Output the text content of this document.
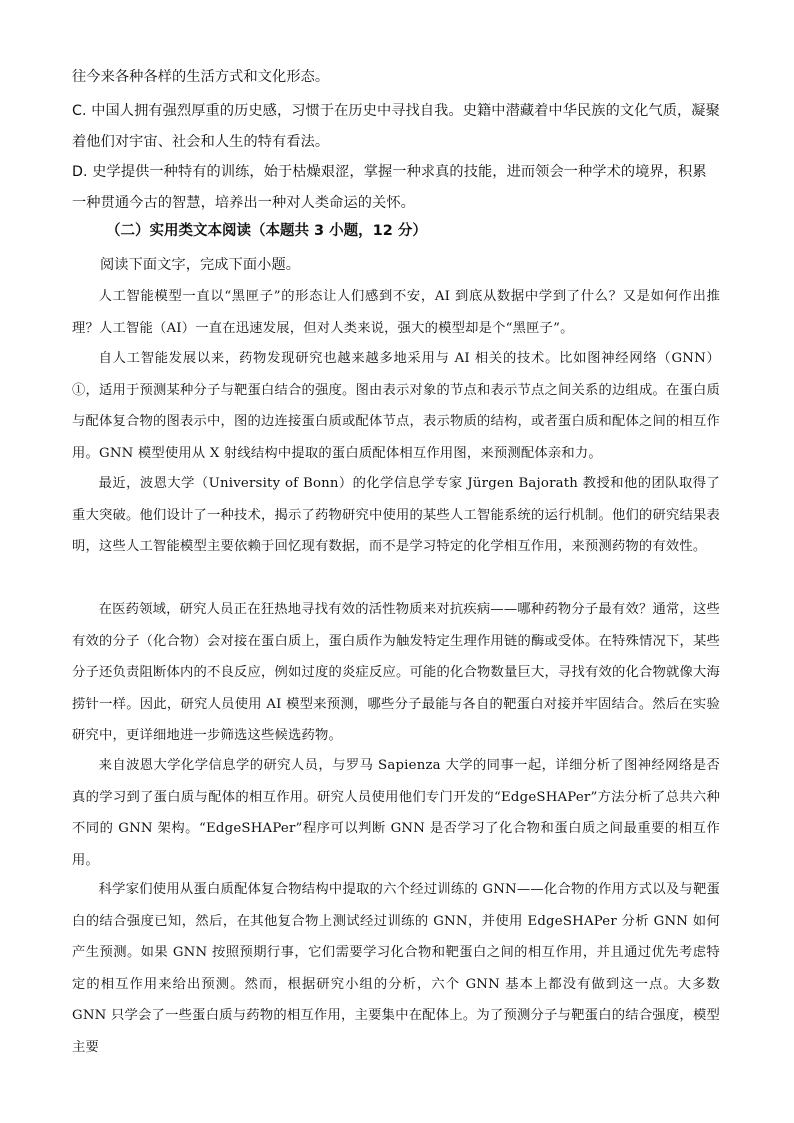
往今来各种各样的生活方式和文化形态。

C. 中国人拥有强烈厚重的历史感，习惯于在历史中寻找自我。史籍中潜藏着中华民族的文化气质，凝聚着他们对宇宙、社会和人生的特有看法。

D. 史学提供一种特有的训练，始于枯燥艰涩，掌握一种求真的技能，进而领会一种学术的境界，积累一种贯通今古的智慧，培养出一种对人类命运的关怀。

（二）实用类文本阅读（本题共 3 小题，12 分）

阅读下面文字，完成下面小题。

人工智能模型一直以“黑匣子”的形态让人们感到不安，AI 到底从数据中学到了什么？又是如何作出推理？人工智能（AI）一直在迅速发展，但对人类来说，强大的模型却是个“黑匣子”。

自人工智能发展以来，药物发现研究也越来越多地采用与 AI 相关的技术。比如图神经网络（GNN）①，适用于预测某种分子与靶蛋白结合的强度。图由表示对象的节点和表示节点之间关系的边组成。在蛋白质与配体复合物的图表示中，图的边连接蛋白质或配体节点，表示物质的结构，或者蛋白质和配体之间的相互作用。GNN 模型使用从 X 射线结构中提取的蛋白质配体相互作用图，来预测配体亲和力。

最近，波恩大学（University of Bonn）的化学信息学专家 Jürgen Bajorath 教授和他的团队取得了重大突破。他们设计了一种技术，揭示了药物研究中使用的某些人工智能系统的运行机制。他们的研究结果表明，这些人工智能模型主要依赖于回忆现有数据，而不是学习特定的化学相互作用，来预测药物的有效性。

在医药领域，研究人员正在狂热地寻找有效的活性物质来对抗疾病——哪种药物分子最有效？通常，这些有效的分子（化合物）会对接在蛋白质上，蛋白质作为触发特定生理作用链的酶或受体。在特殊情况下，某些分子还负责阻断体内的不良反应，例如过度的炎症反应。可能的化合物数量巨大，寻找有效的化合物就像大海捞针一样。因此，研究人员使用 AI 模型来预测，哪些分子最能与各自的靶蛋白对接并牢固结合。然后在实验研究中，更详细地进一步筛选这些候选药物。

来自波恩大学化学信息学的研究人员，与罗马 Sapienza 大学的同事一起，详细分析了图神经网络是否真的学习到了蛋白质与配体的相互作用。研究人员使用他们专门开发的“EdgeSHAPer”方法分析了总共六种不同的 GNN 架构。“EdgeSHAPer”程序可以判断 GNN 是否学习了化合物和蛋白质之间最重要的相互作用。

科学家们使用从蛋白质配体复合物结构中提取的六个经过训练的 GNN——化合物的作用方式以及与靶蛋白的结合强度已知，然后，在其他复合物上测试经过训练的 GNN，并使用 EdgeSHAPer 分析 GNN 如何产生预测。如果 GNN 按照预期行事，它们需要学习化合物和靶蛋白之间的相互作用，并且通过优先考虑特定的相互作用来给出预测。然而，根据研究小组的分析，六个 GNN 基本上都没有做到这一点。大多数 GNN 只学会了一些蛋白质与药物的相互作用，主要集中在配体上。为了预测分子与靶蛋白的结合强度，模型主要
